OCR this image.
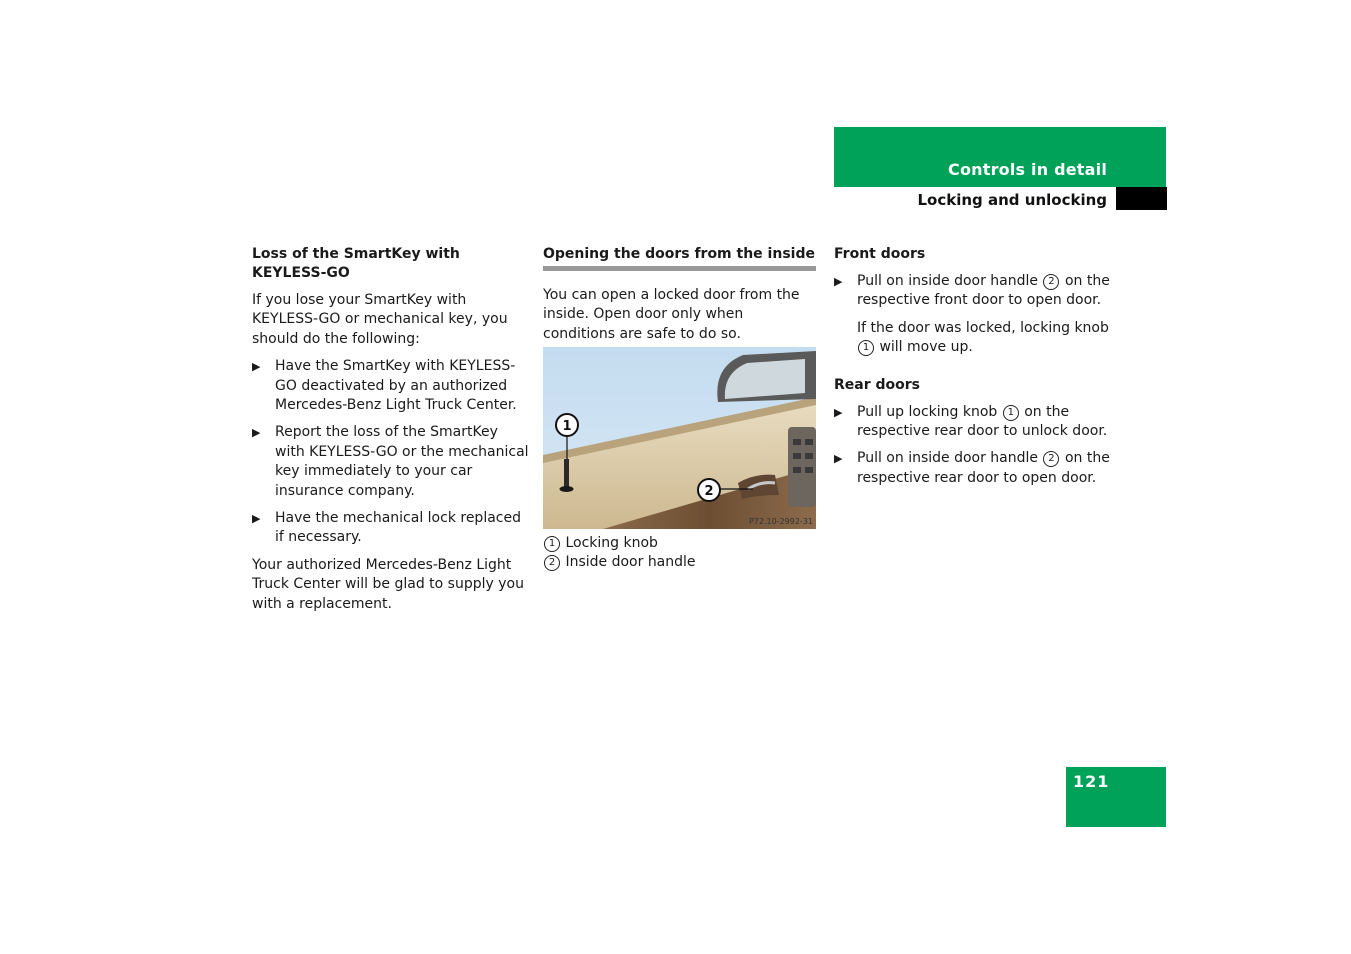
Controls in detail
Locking and unlocking
Loss of the SmartKey with KEYLESS-GO

If you lose your SmartKey with KEYLESS-GO or mechanical key, you should do the following:

▶ Have the SmartKey with KEYLESS-GO deactivated by an authorized Mercedes-Benz Light Truck Center.
▶ Report the loss of the SmartKey with KEYLESS-GO or the mechanical key immediately to your car insurance company.
▶ Have the mechanical lock replaced if necessary.

Your authorized Mercedes-Benz Light Truck Center will be glad to supply you with a replacement.

Opening the doors from the inside

You can open a locked door from the inside. Open door only when conditions are safe to do so.

1
2
P72.10-2992-31
1 Locking knob
2 Inside door handle
Front doors
▶ Pull on inside door handle 2 on the respective front door to open door.

If the door was locked, locking knob 1 will move up.

Rear doors
▶ Pull up locking knob 1 on the respective rear door to unlock door.
▶ Pull on inside door handle 2 on the respective rear door to open door.
121
